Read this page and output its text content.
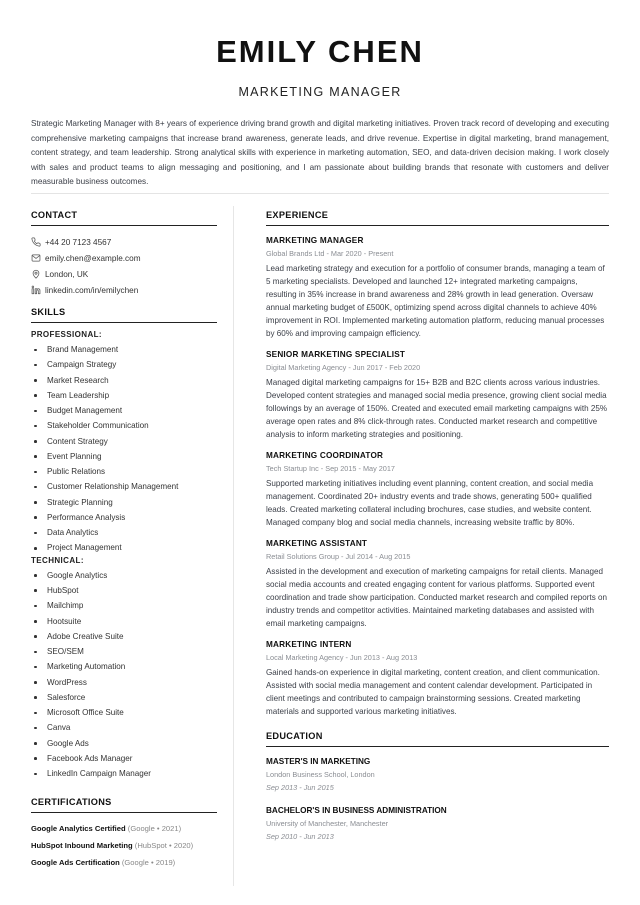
EMILY CHEN
MARKETING MANAGER
Strategic Marketing Manager with 8+ years of experience driving brand growth and digital marketing initiatives. Proven track record of developing and executing comprehensive marketing campaigns that increase brand awareness, generate leads, and drive revenue. Expertise in digital marketing, brand management, content strategy, and team leadership. Strong analytical skills with experience in marketing automation, SEO, and data-driven decision making. I work closely with sales and product teams to align messaging and positioning, and I am passionate about building brands that resonate with customers and deliver measurable business outcomes.
CONTACT
+44 20 7123 4567
emily.chen@example.com
London, UK
linkedin.com/in/emilychen
SKILLS
PROFESSIONAL:
Brand Management
Campaign Strategy
Market Research
Team Leadership
Budget Management
Stakeholder Communication
Content Strategy
Event Planning
Public Relations
Customer Relationship Management
Strategic Planning
Performance Analysis
Data Analytics
Project Management
TECHNICAL:
Google Analytics
HubSpot
Mailchimp
Hootsuite
Adobe Creative Suite
SEO/SEM
Marketing Automation
WordPress
Salesforce
Microsoft Office Suite
Canva
Google Ads
Facebook Ads Manager
LinkedIn Campaign Manager
CERTIFICATIONS
Google Analytics Certified (Google • 2021)
HubSpot Inbound Marketing (HubSpot • 2020)
Google Ads Certification (Google • 2019)
EXPERIENCE
MARKETING MANAGER
Global Brands Ltd - Mar 2020 - Present
Lead marketing strategy and execution for a portfolio of consumer brands, managing a team of 5 marketing specialists. Developed and launched 12+ integrated marketing campaigns, resulting in 35% increase in brand awareness and 28% growth in lead generation. Oversaw annual marketing budget of £500K, optimizing spend across digital channels to achieve 40% improvement in ROI. Implemented marketing automation platform, reducing manual processes by 60% and improving campaign efficiency.
SENIOR MARKETING SPECIALIST
Digital Marketing Agency - Jun 2017 - Feb 2020
Managed digital marketing campaigns for 15+ B2B and B2C clients across various industries. Developed content strategies and managed social media presence, growing client social media followings by an average of 150%. Created and executed email marketing campaigns with 25% average open rates and 8% click-through rates. Conducted market research and competitive analysis to inform marketing strategies and positioning.
MARKETING COORDINATOR
Tech Startup Inc - Sep 2015 - May 2017
Supported marketing initiatives including event planning, content creation, and social media management. Coordinated 20+ industry events and trade shows, generating 500+ qualified leads. Created marketing collateral including brochures, case studies, and website content. Managed company blog and social media channels, increasing website traffic by 80%.
MARKETING ASSISTANT
Retail Solutions Group - Jul 2014 - Aug 2015
Assisted in the development and execution of marketing campaigns for retail clients. Managed social media accounts and created engaging content for various platforms. Supported event coordination and trade show participation. Conducted market research and compiled reports on industry trends and competitor activities. Maintained marketing databases and assisted with email marketing campaigns.
MARKETING INTERN
Local Marketing Agency - Jun 2013 - Aug 2013
Gained hands-on experience in digital marketing, content creation, and client communication. Assisted with social media management and content calendar development. Participated in client meetings and contributed to campaign brainstorming sessions. Created marketing materials and supported various marketing initiatives.
EDUCATION
MASTER'S IN MARKETING
London Business School, London
Sep 2013 - Jun 2015
BACHELOR'S IN BUSINESS ADMINISTRATION
University of Manchester, Manchester
Sep 2010 - Jun 2013
